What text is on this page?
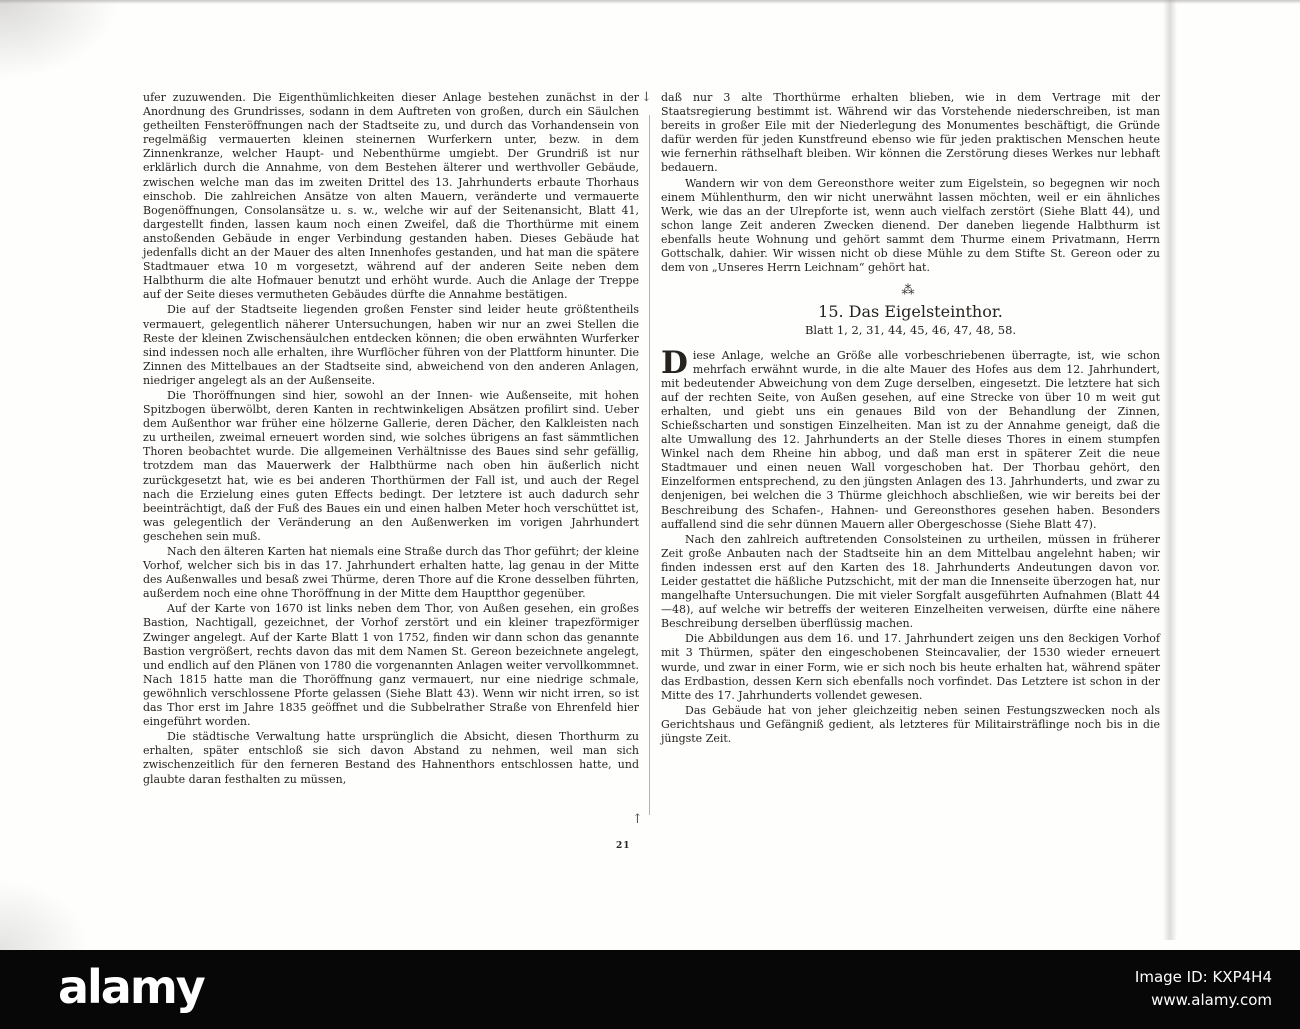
ufer zuzuwenden. Die Eigenthümlichkeiten dieser Anlage bestehen zunächst in der Anordnung des Grundrisses, sodann in dem Auftreten von großen, durch ein Säulchen getheilten Fensteröffnungen nach der Stadtseite zu, und durch das Vorhandensein von regelmäßig vermauerten kleinen steinernen Wurferkern unter, bezw. in dem Zinnenkranze, welcher Haupt- und Nebenthürme umgiebt. Der Grundriß ist nur erklärlich durch die Annahme, von dem Bestehen älterer und werthvoller Gebäude, zwischen welche man das im zweiten Drittel des 13. Jahrhunderts erbaute Thorhaus einschob. Die zahlreichen Ansätze von alten Mauern, veränderte und vermauerte Bogenöffnungen, Consolansätze u. s. w., welche wir auf der Seitenansicht, Blatt 41, dargestellt finden, lassen kaum noch einen Zweifel, daß die Thorthürme mit einem anstoßenden Gebäude in enger Verbindung gestanden haben. Dieses Gebäude hat jedenfalls dicht an der Mauer des alten Innenhofes gestanden, und hat man die spätere Stadtmauer etwa 10 m vorgesetzt, während auf der anderen Seite neben dem Halbthurm die alte Hofmauer benutzt und erhöht wurde. Auch die Anlage der Treppe auf der Seite dieses vermutheten Gebäudes dürfte die Annahme bestätigen.

Die auf der Stadtseite liegenden großen Fenster sind leider heute größtentheils vermauert, gelegentlich näherer Untersuchungen, haben wir nur an zwei Stellen die Reste der kleinen Zwischensäulchen entdecken können; die oben erwähnten Wurferker sind indessen noch alle erhalten, ihre Wurflöcher führen von der Plattform hinunter. Die Zinnen des Mittelbaues an der Stadtseite sind, abweichend von den anderen Anlagen, niedriger angelegt als an der Außenseite.

Die Thoröffnungen sind hier, sowohl an der Innen- wie Außenseite, mit hohen Spitzbogen überwölbt, deren Kanten in rechtwinkeligen Absätzen profilirt sind. Ueber dem Außenthor war früher eine hölzerne Gallerie, deren Dächer, den Kalkleisten nach zu urtheilen, zweimal erneuert worden sind, wie solches übrigens an fast sämmtlichen Thoren beobachtet wurde. Die allgemeinen Verhältnisse des Baues sind sehr gefällig, trotzdem man das Mauerwerk der Halbthürme nach oben hin äußerlich nicht zurückgesetzt hat, wie es bei anderen Thorthürmen der Fall ist, und auch der Regel nach die Erzielung eines guten Effects bedingt. Der letztere ist auch dadurch sehr beeinträchtigt, daß der Fuß des Baues ein und einen halben Meter hoch verschüttet ist, was gelegentlich der Veränderung an den Außenwerken im vorigen Jahrhundert geschehen sein muß.

Nach den älteren Karten hat niemals eine Straße durch das Thor geführt; der kleine Vorhof, welcher sich bis in das 17. Jahrhundert erhalten hatte, lag genau in der Mitte des Außenwalles und besaß zwei Thürme, deren Thore auf die Krone desselben führten, außerdem noch eine ohne Thoröffnung in der Mitte dem Hauptthor gegenüber.

Auf der Karte von 1670 ist links neben dem Thor, von Außen gesehen, ein großes Bastion, Nachtigall, gezeichnet, der Vorhof zerstört und ein kleiner trapezförmiger Zwinger angelegt. Auf der Karte Blatt 1 von 1752, finden wir dann schon das genannte Bastion vergrößert, rechts davon das mit dem Namen St. Gereon bezeichnete angelegt, und endlich auf den Plänen von 1780 die vorgenannten Anlagen weiter vervollkommnet. Nach 1815 hatte man die Thoröffnung ganz vermauert, nur eine niedrige schmale, gewöhnlich verschlossene Pforte gelassen (Siehe Blatt 43). Wenn wir nicht irren, so ist das Thor erst im Jahre 1835 geöffnet und die Subbelrather Straße von Ehrenfeld hier eingeführt worden.

Die städtische Verwaltung hatte ursprünglich die Absicht, diesen Thorthurm zu erhalten, später entschloß sie sich davon Abstand zu nehmen, weil man sich zwischenzeitlich für den ferneren Bestand des Hahnenthors entschlossen hatte, und glaubte daran festhalten zu müssen,

daß nur 3 alte Thorthürme erhalten blieben, wie in dem Vertrage mit der Staatsregierung bestimmt ist. Während wir das Vorstehende niederschreiben, ist man bereits in großer Eile mit der Niederlegung des Monumentes beschäftigt, die Gründe dafür werden für jeden Kunstfreund ebenso wie für jeden praktischen Menschen heute wie fernerhin räthselhaft bleiben. Wir können die Zerstörung dieses Werkes nur lebhaft bedauern.

Wandern wir von dem Gereonsthore weiter zum Eigelstein, so begegnen wir noch einem Mühlenthurm, den wir nicht unerwähnt lassen möchten, weil er ein ähnliches Werk, wie das an der Ulrepforte ist, wenn auch vielfach zerstört (Siehe Blatt 44), und schon lange Zeit anderen Zwecken dienend. Der daneben liegende Halbthurm ist ebenfalls heute Wohnung und gehört sammt dem Thurme einem Privatmann, Herrn Gottschalk, dahier. Wir wissen nicht ob diese Mühle zu dem Stifte St. Gereon oder zu dem von „Unseres Herrn Leichnam“ gehört hat.

⁂
15. Das Eigelsteinthor.
Blatt 1, 2, 31, 44, 45, 46, 47, 48, 58.

Diese Anlage, welche an Größe alle vorbeschriebenen überragte, ist, wie schon mehrfach erwähnt wurde, in die alte Mauer des Hofes aus dem 12. Jahrhundert, mit bedeutender Abweichung von dem Zuge derselben, eingesetzt. Die letztere hat sich auf der rechten Seite, von Außen gesehen, auf eine Strecke von über 10 m weit gut erhalten, und giebt uns ein genaues Bild von der Behandlung der Zinnen, Schießscharten und sonstigen Einzelheiten. Man ist zu der Annahme geneigt, daß die alte Umwallung des 12. Jahrhunderts an der Stelle dieses Thores in einem stumpfen Winkel nach dem Rheine hin abbog, und daß man erst in späterer Zeit die neue Stadtmauer und einen neuen Wall vorgeschoben hat. Der Thorbau gehört, den Einzelformen entsprechend, zu den jüngsten Anlagen des 13. Jahrhunderts, und zwar zu denjenigen, bei welchen die 3 Thürme gleichhoch abschließen, wie wir bereits bei der Beschreibung des Schafen-, Hahnen- und Gereonsthores gesehen haben. Besonders auffallend sind die sehr dünnen Mauern aller Obergeschosse (Siehe Blatt 47).

Nach den zahlreich auftretenden Consolsteinen zu urtheilen, müssen in früherer Zeit große Anbauten nach der Stadtseite hin an dem Mittelbau angelehnt haben; wir finden indessen erst auf den Karten des 18. Jahrhunderts Andeutungen davon vor. Leider gestattet die häßliche Putzschicht, mit der man die Innenseite überzogen hat, nur mangelhafte Untersuchungen. Die mit vieler Sorgfalt ausgeführten Aufnahmen (Blatt 44—48), auf welche wir betreffs der weiteren Einzelheiten verweisen, dürfte eine nähere Beschreibung derselben überflüssig machen.

Die Abbildungen aus dem 16. und 17. Jahrhundert zeigen uns den 8eckigen Vorhof mit 3 Thürmen, später den eingeschobenen Steincavalier, der 1530 wieder erneuert wurde, und zwar in einer Form, wie er sich noch bis heute erhalten hat, während später das Erdbastion, dessen Kern sich ebenfalls noch vorfindet. Das Letztere ist schon in der Mitte des 17. Jahrhunderts vollendet gewesen.

Das Gebäude hat von jeher gleichzeitig neben seinen Festungszwecken noch als Gerichtshaus und Gefängniß gedient, als letzteres für Militairsträflinge noch bis in die jüngste Zeit.

↓
↑
21
alamy	Image ID: KXP4H4
www.alamy.com
